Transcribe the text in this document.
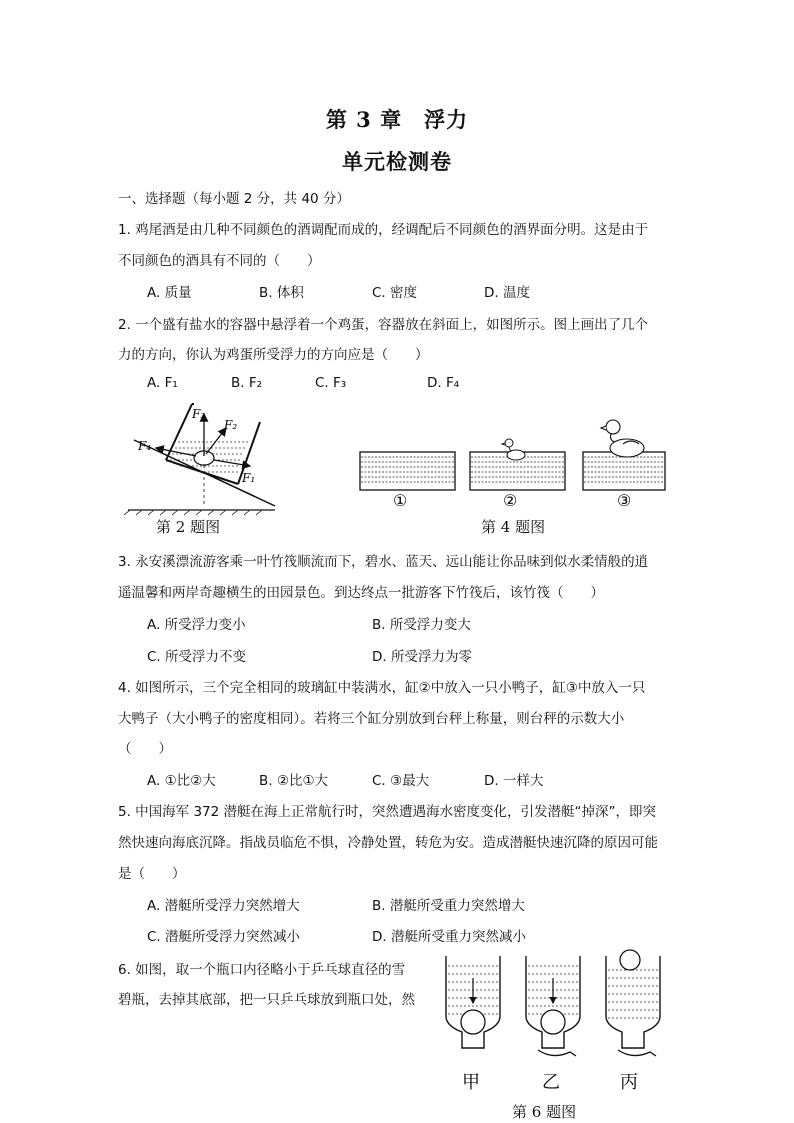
第 3 章　浮力
单元检测卷
一、选择题（每小题 2 分，共 40 分）
1. 鸡尾酒是由几种不同颜色的酒调配而成的，经调配后不同颜色的酒界面分明。这是由于
不同颜色的酒具有不同的（　　）
A. 质量	B. 体积	C. 密度	D. 温度
2. 一个盛有盐水的容器中悬浮着一个鸡蛋，容器放在斜面上，如图所示。图上画出了几个
力的方向，你认为鸡蛋所受浮力的方向应是（　　）
A. F₁	B. F₂	C. F₃	D. F₄
F₃
F₂
F₁
F₄
第 2 题图
①	②	③
第 4 题图
3. 永安溪漂流游客乘一叶竹筏顺流而下，碧水、蓝天、远山能让你品味到似水柔情般的逍
遥温馨和两岸奇趣横生的田园景色。到达终点一批游客下竹筏后，该竹筏（　　）
A. 所受浮力变小	B. 所受浮力变大
C. 所受浮力不变	D. 所受浮力为零
4. 如图所示，三个完全相同的玻璃缸中装满水，缸②中放入一只小鸭子，缸③中放入一只
大鸭子（大小鸭子的密度相同）。若将三个缸分别放到台秤上称量，则台秤的示数大小
（　　）
A. ①比②大	B. ②比①大	C. ③最大	D. 一样大
5. 中国海军 372 潜艇在海上正常航行时，突然遭遇海水密度变化，引发潜艇“掉深”，即突
然快速向海底沉降。指战员临危不惧，冷静处置，转危为安。造成潜艇快速沉降的原因可能
是（　　）
A. 潜艇所受浮力突然增大	B. 潜艇所受重力突然增大
C. 潜艇所受浮力突然减小	D. 潜艇所受重力突然减小
6. 如图，取一个瓶口内径略小于乒乓球直径的雪
碧瓶，去掉其底部，把一只乒乓球放到瓶口处，然
甲	乙	丙
第 6 题图
